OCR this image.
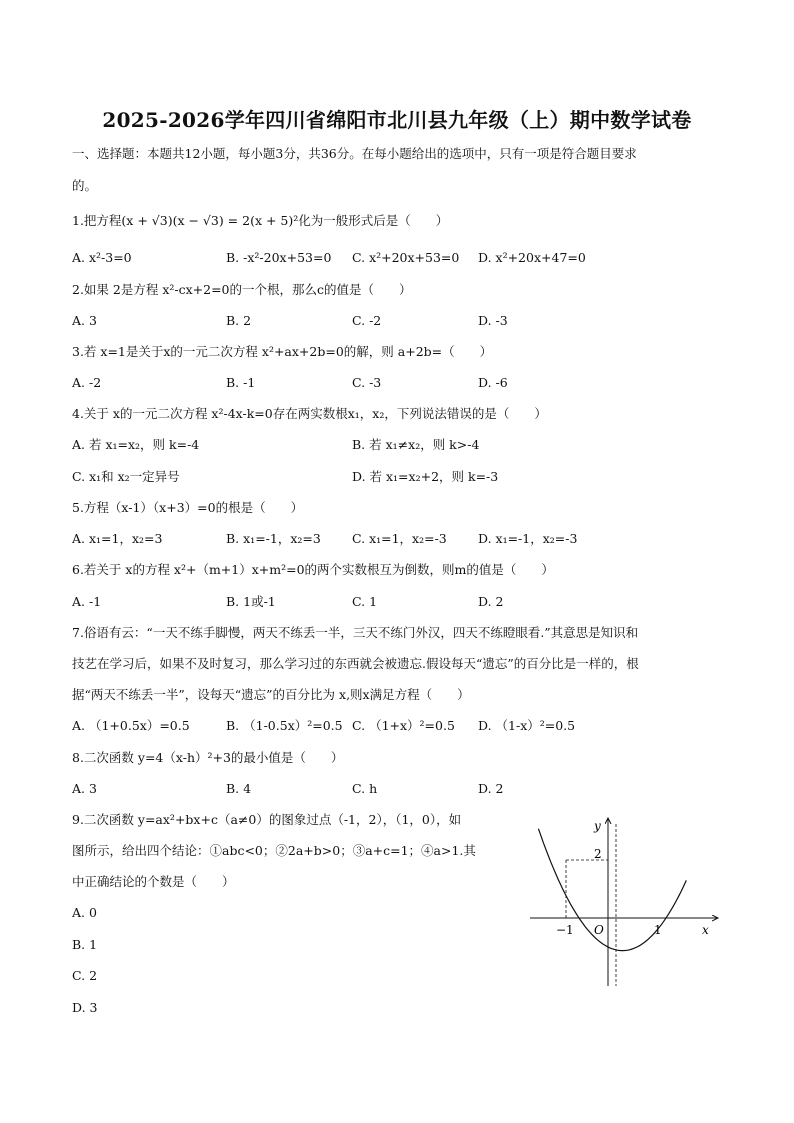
2025-2026学年四川省绵阳市北川县九年级（上）期中数学试卷
一、选择题：本题共12小题，每小题3分，共36分。在每小题给出的选项中，只有一项是符合题目要求
的。
1.把方程(x + √3)(x − √3) = 2(x + 5)²化为一般形式后是（　　）
A. x²-3=0	B. -x²-20x+53=0 C. x²+20x+53=0 D. x²+20x+47=0
2.如果 2是方程 x²-cx+2=0的一个根，那么c的值是（　　）
A. 3	B. 2	C. -2	D. -3
3.若 x=1是关于x的一元二次方程 x²+ax+2b=0的解，则 a+2b=（　　）
A. -2	B. -1	C. -3	D. -6
4.关于 x的一元二次方程 x²-4x-k=0存在两实数根x₁，x₂，下列说法错误的是（　　）
A. 若 x₁=x₂，则 k=-4	B. 若 x₁≠x₂，则 k>-4
C. x₁和 x₂一定异号	D. 若 x₁=x₂+2，则 k=-3
5.方程（x-1）（x+3）=0的根是（　　）
A. x₁=1，x₂=3	B. x₁=-1，x₂=3 C. x₁=1，x₂=-3 D. x₁=-1，x₂=-3
6.若关于 x的方程 x²+（m+1）x+m²=0的两个实数根互为倒数，则m的值是（　　）
A. -1	B. 1或-1	C. 1	D. 2
7.俗语有云：“一天不练手脚慢，两天不练丢一半，三天不练门外汉，四天不练瞪眼看.”其意思是知识和
技艺在学习后，如果不及时复习，那么学习过的东西就会被遗忘.假设每天“遗忘”的百分比是一样的，根
据“两天不练丢一半”，设每天“遗忘”的百分比为 x,则x满足方程（　　）
A. （1+0.5x）=0.5	B. （1-0.5x）²=0.5 C. （1+x）²=0.5 D. （1-x）²=0.5
8.二次函数 y=4（x-h）²+3的最小值是（　　）
A. 3	B. 4	C. h	D. 2
9.二次函数 y=ax²+bx+c（a≠0）的图象过点（-1，2），（1，0），如
图所示，给出四个结论：①abc<0；②2a+b>0；③a+c=1；④a>1.其
中正确结论的个数是（　　）
A. 0
B. 1
C. 2
D. 3
y
x
O
−1	1
2
